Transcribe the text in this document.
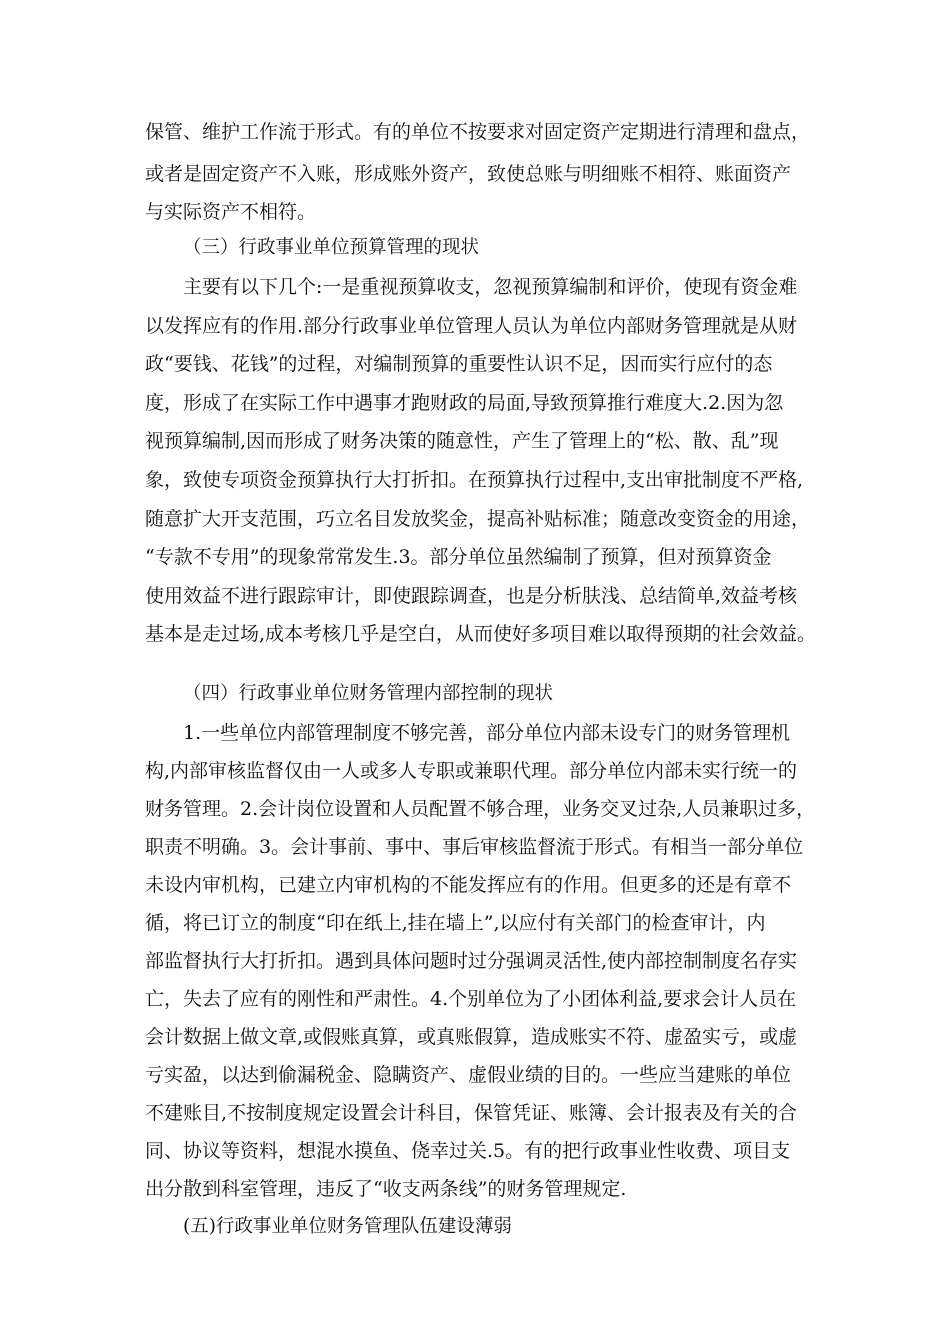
保管、维护工作流于形式。有的单位不按要求对固定资产定期进行清理和盘点，

或者是固定资产不入账，形成账外资产，致使总账与明细账不相符、账面资产

与实际资产不相符。

（三）行政事业单位预算管理的现状

主要有以下几个:一是重视预算收支，忽视预算编制和评价，使现有资金难

以发挥应有的作用.部分行政事业单位管理人员认为单位内部财务管理就是从财

政“要钱、花钱”的过程，对编制预算的重要性认识不足，因而实行应付的态

度，形成了在实际工作中遇事才跑财政的局面,导致预算推行难度大.2.因为忽

视预算编制,因而形成了财务决策的随意性，产生了管理上的“松、散、乱”现

象，致使专项资金预算执行大打折扣。在预算执行过程中,支出审批制度不严格,

随意扩大开支范围，巧立名目发放奖金，提高补贴标准；随意改变资金的用途，

“专款不专用”的现象常常发生.3。部分单位虽然编制了预算，但对预算资金

使用效益不进行跟踪审计，即使跟踪调查，也是分析肤浅、总结简单,效益考核

基本是走过场,成本考核几乎是空白，从而使好多项目难以取得预期的社会效益。

（四）行政事业单位财务管理内部控制的现状

1.一些单位内部管理制度不够完善，部分单位内部未设专门的财务管理机

构,内部审核监督仅由一人或多人专职或兼职代理。部分单位内部未实行统一的

财务管理。2.会计岗位设置和人员配置不够合理，业务交叉过杂,人员兼职过多，

职责不明确。3。会计事前、事中、事后审核监督流于形式。有相当一部分单位

未设内审机构，已建立内审机构的不能发挥应有的作用。但更多的还是有章不

循，将已订立的制度“印在纸上,挂在墙上”,以应付有关部门的检查审计，内

部监督执行大打折扣。遇到具体问题时过分强调灵活性,使内部控制制度名存实

亡，失去了应有的刚性和严肃性。4.个别单位为了小团体利益,要求会计人员在

会计数据上做文章,或假账真算，或真账假算，造成账实不符、虚盈实亏，或虚

亏实盈，以达到偷漏税金、隐瞒资产、虚假业绩的目的。一些应当建账的单位

不建账目,不按制度规定设置会计科目，保管凭证、账簿、会计报表及有关的合

同、协议等资料，想混水摸鱼、侥幸过关.5。有的把行政事业性收费、项目支

出分散到科室管理，违反了“收支两条线”的财务管理规定.

(五)行政事业单位财务管理队伍建设薄弱
